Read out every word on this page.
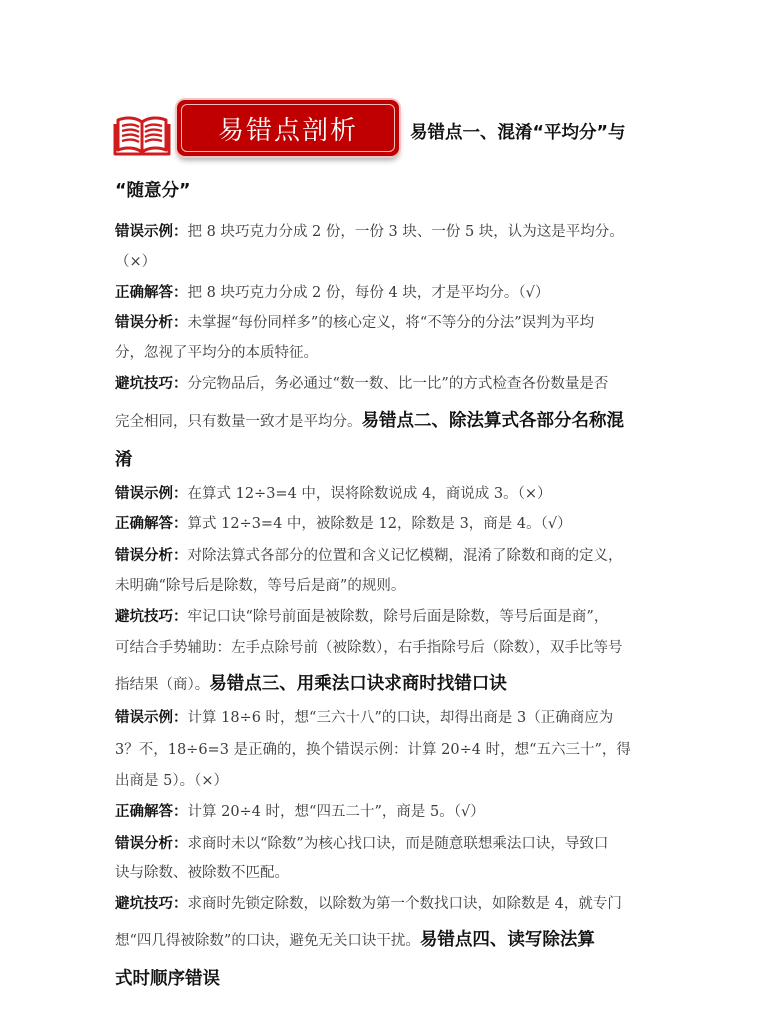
易错点剖析	易错点一、混淆“平均分”与
“随意分”
错误示例：把 8 块巧克力分成 2 份，一份 3 块、一份 5 块，认为这是平均分。
（×）
正确解答：把 8 块巧克力分成 2 份，每份 4 块，才是平均分。（√）
错误分析：未掌握“每份同样多”的核心定义，将“不等分的分法”误判为平均
分，忽视了平均分的本质特征。
避坑技巧：分完物品后，务必通过“数一数、比一比”的方式检查各份数量是否
完全相同，只有数量一致才是平均分。易错点二、除法算式各部分名称混
淆
错误示例：在算式 12÷3=4 中，误将除数说成 4，商说成 3。（×）
正确解答：算式 12÷3=4 中，被除数是 12，除数是 3，商是 4。（√）
错误分析：对除法算式各部分的位置和含义记忆模糊，混淆了除数和商的定义，
未明确“除号后是除数，等号后是商”的规则。
避坑技巧：牢记口诀“除号前面是被除数，除号后面是除数，等号后面是商”，
可结合手势辅助：左手点除号前（被除数），右手指除号后（除数），双手比等号
指结果（商）。易错点三、用乘法口诀求商时找错口诀
错误示例：计算 18÷6 时，想“三六十八”的口诀，却得出商是 3（正确商应为
3？不，18÷6=3 是正确的，换个错误示例：计算 20÷4 时，想“五六三十”，得
出商是 5）。（×）
正确解答：计算 20÷4 时，想“四五二十”，商是 5。（√）
错误分析：求商时未以“除数”为核心找口诀，而是随意联想乘法口诀，导致口
诀与除数、被除数不匹配。
避坑技巧：求商时先锁定除数，以除数为第一个数找口诀，如除数是 4，就专门
想“四几得被除数”的口诀，避免无关口诀干扰。易错点四、读写除法算
式时顺序错误
